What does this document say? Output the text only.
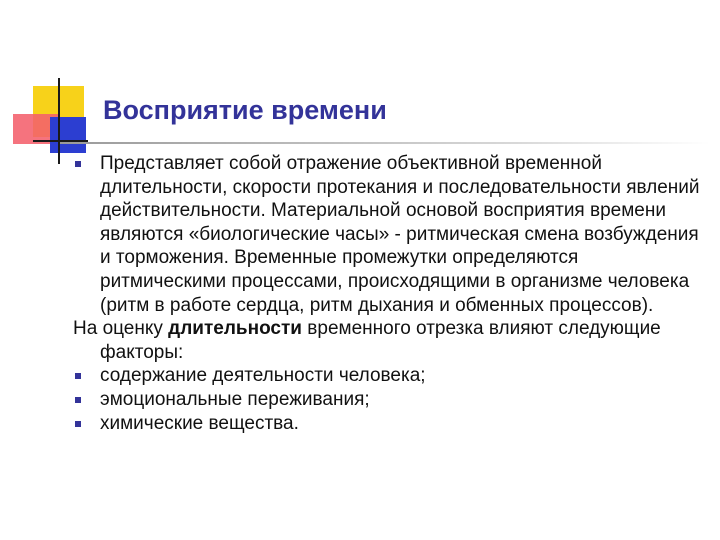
Восприятие времени
Представляет собой отражение объективной временной длительности, скорости протекания и последовательности явлений действительности. Материальной основой восприятия времени являются «биологические часы» - ритмическая смена возбуждения и торможения. Временные промежутки определяются ритмическими процессами, происходящими в организме человека (ритм в работе сердца, ритм дыхания и обменных процессов).
На оценку длительности временного отрезка влияют следующие факторы:
содержание деятельности человека;
эмоциональные переживания;
химические вещества.
